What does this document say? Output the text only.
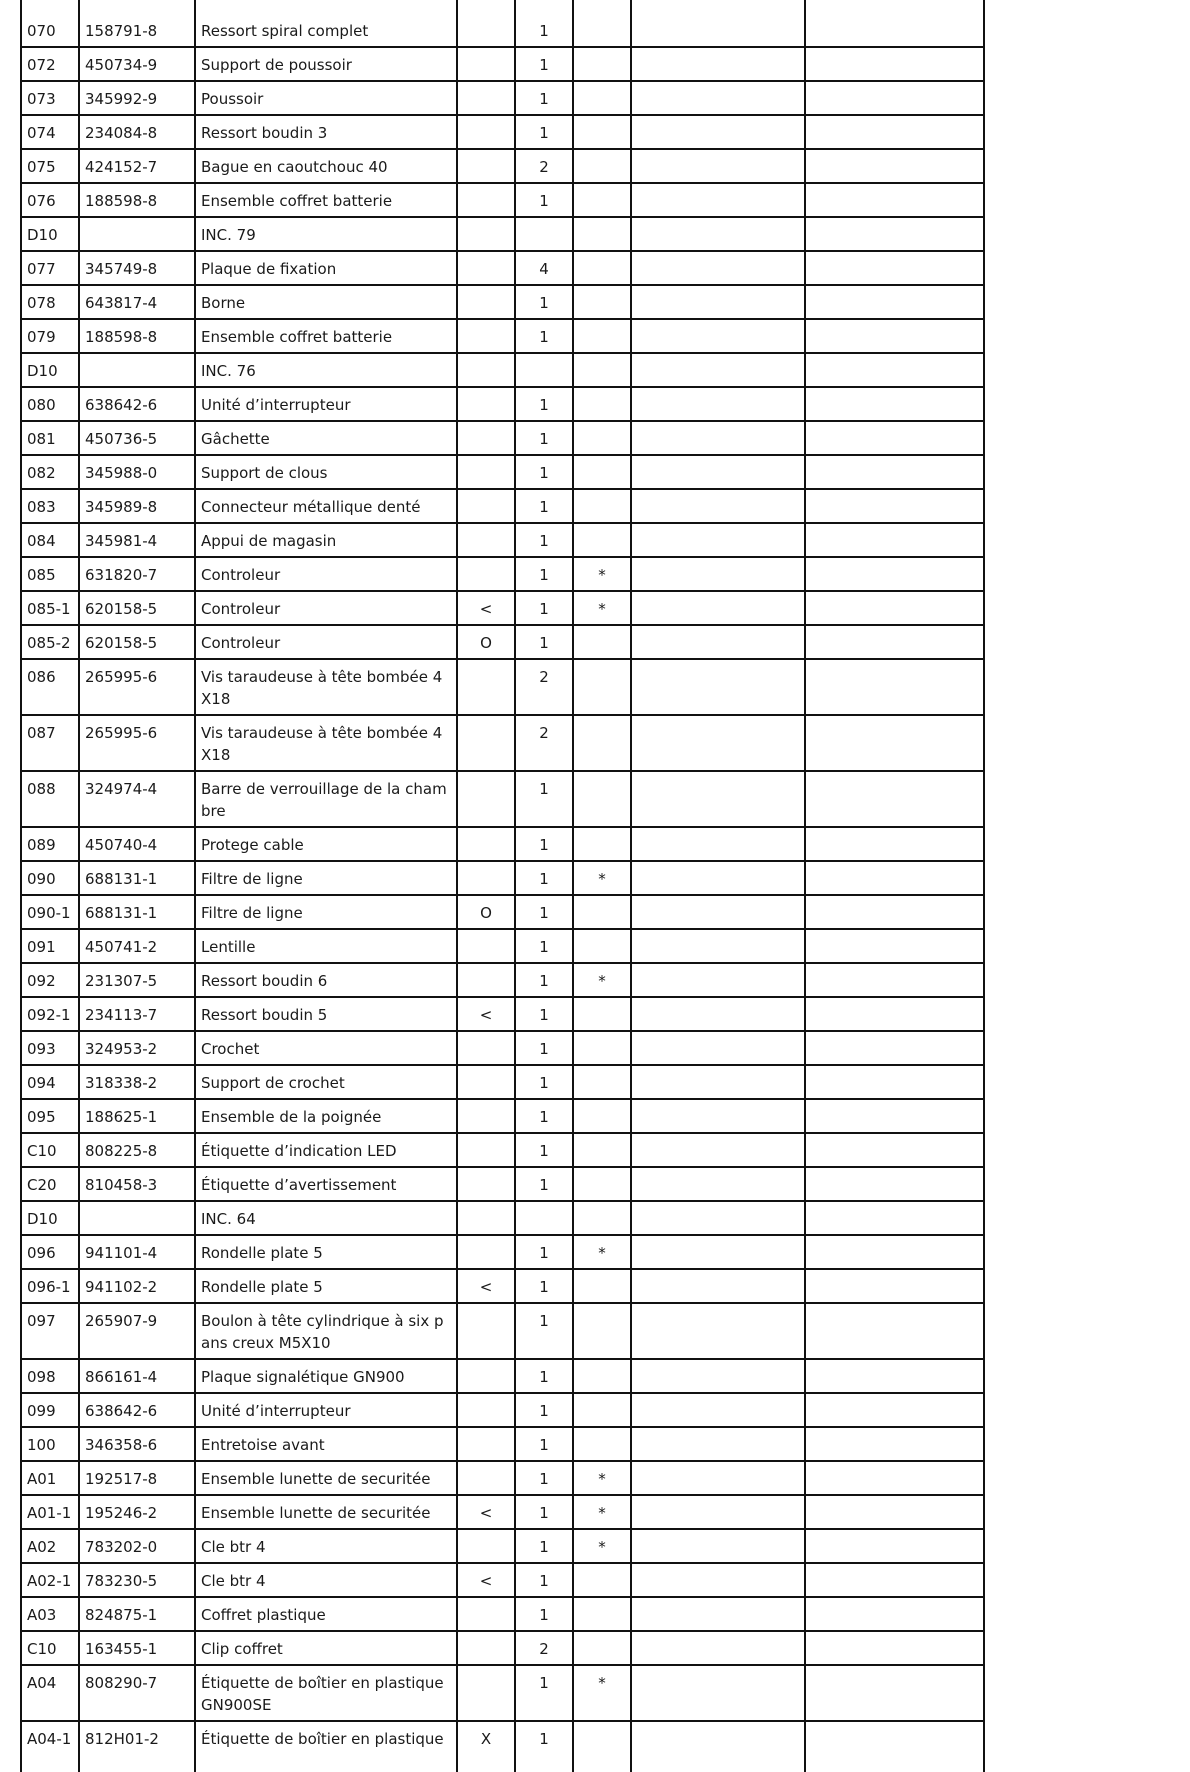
070	158791-8	Ressort spiral complet		1			
072	450734-9	Support de poussoir		1			
073	345992-9	Poussoir		1			
074	234084-8	Ressort boudin 3		1			
075	424152-7	Bague en caoutchouc 40		2			
076	188598-8	Ensemble coffret batterie		1			
D10		INC. 79					
077	345749-8	Plaque de fixation		4			
078	643817-4	Borne		1			
079	188598-8	Ensemble coffret batterie		1			
D10		INC. 76					
080	638642-6	Unité d’interrupteur		1			
081	450736-5	Gâchette		1			
082	345988-0	Support de clous		1			
083	345989-8	Connecteur métallique denté		1			
084	345981-4	Appui de magasin		1			
085	631820-7	Controleur		1	*		
085-1	620158-5	Controleur	<	1	*		
085-2	620158-5	Controleur	O	1			
086	265995-6	Vis taraudeuse à tête bombée 4X18		2			
087	265995-6	Vis taraudeuse à tête bombée 4X18		2			
088	324974-4	Barre de verrouillage de la chambre		1			
089	450740-4	Protege cable		1			
090	688131-1	Filtre de ligne		1	*		
090-1	688131-1	Filtre de ligne	O	1			
091	450741-2	Lentille		1			
092	231307-5	Ressort boudin 6		1	*		
092-1	234113-7	Ressort boudin 5	<	1			
093	324953-2	Crochet		1			
094	318338-2	Support de crochet		1			
095	188625-1	Ensemble de la poignée		1			
C10	808225-8	Étiquette d’indication LED		1			
C20	810458-3	Étiquette d’avertissement		1			
D10		INC. 64					
096	941101-4	Rondelle plate 5		1	*		
096-1	941102-2	Rondelle plate 5	<	1			
097	265907-9	Boulon à tête cylindrique à six pans creux M5X10		1			
098	866161-4	Plaque signalétique GN900		1			
099	638642-6	Unité d’interrupteur		1			
100	346358-6	Entretoise avant		1			
A01	192517-8	Ensemble lunette de securitée		1	*		
A01-1	195246-2	Ensemble lunette de securitée	<	1	*		
A02	783202-0	Cle btr 4		1	*		
A02-1	783230-5	Cle btr 4	<	1			
A03	824875-1	Coffret plastique		1			
C10	163455-1	Clip coffret		2			
A04	808290-7	Étiquette de boîtier en plastique GN900SE		1	*		
A04-1	812H01-2	Étiquette de boîtier en plastique	X	1			
